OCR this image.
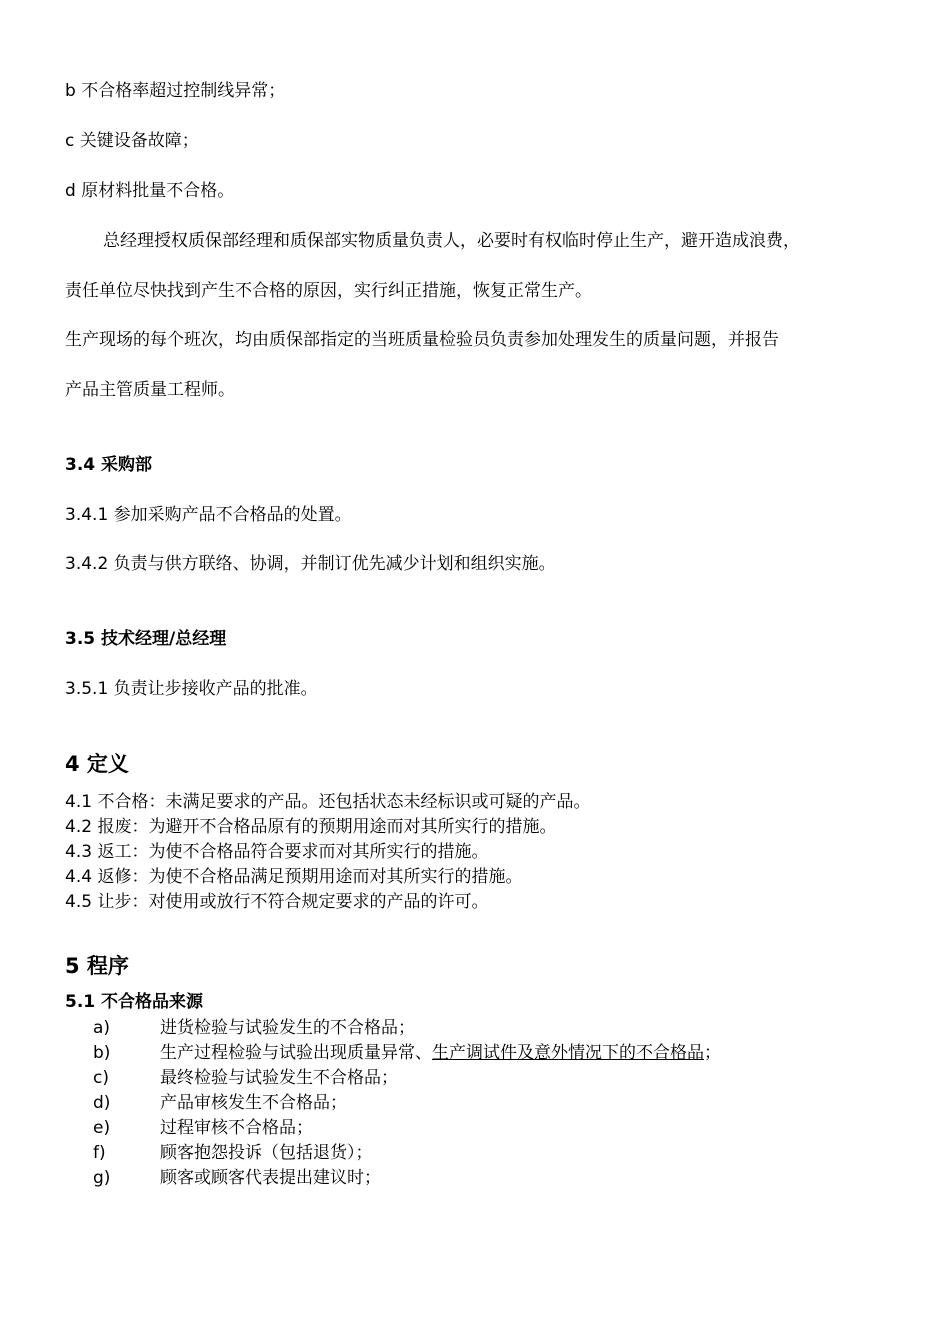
b 不合格率超过控制线异常；

c 关键设备故障；

d 原材料批量不合格。

总经理授权质保部经理和质保部实物质量负责人，必要时有权临时停止生产，避开造成浪费，

责任单位尽快找到产生不合格的原因，实行纠正措施，恢复正常生产。

生产现场的每个班次，均由质保部指定的当班质量检验员负责参加处理发生的质量问题，并报告

产品主管质量工程师。

3.4 采购部

3.4.1 参加采购产品不合格品的处置。

3.4.2 负责与供方联络、协调，并制订优先减少计划和组织实施。

3.5 技术经理/总经理

3.5.1 负责让步接收产品的批准。

4 定义

4.1 不合格：未满足要求的产品。还包括状态未经标识或可疑的产品。

4.2 报废：为避开不合格品原有的预期用途而对其所实行的措施。

4.3 返工：为使不合格品符合要求而对其所实行的措施。

4.4 返修：为使不合格品满足预期用途而对其所实行的措施。

4.5 让步：对使用或放行不符合规定要求的产品的许可。

5 程序

5.1 不合格品来源

a)	进货检验与试验发生的不合格品；
b)	生产过程检验与试验出现质量异常、生产调试件及意外情况下的不合格品；
c)	最终检验与试验发生不合格品；
d)	产品审核发生不合格品；
e)	过程审核不合格品；
f)	顾客抱怨投诉（包括退货）；
g)	顾客或顾客代表提出建议时；
